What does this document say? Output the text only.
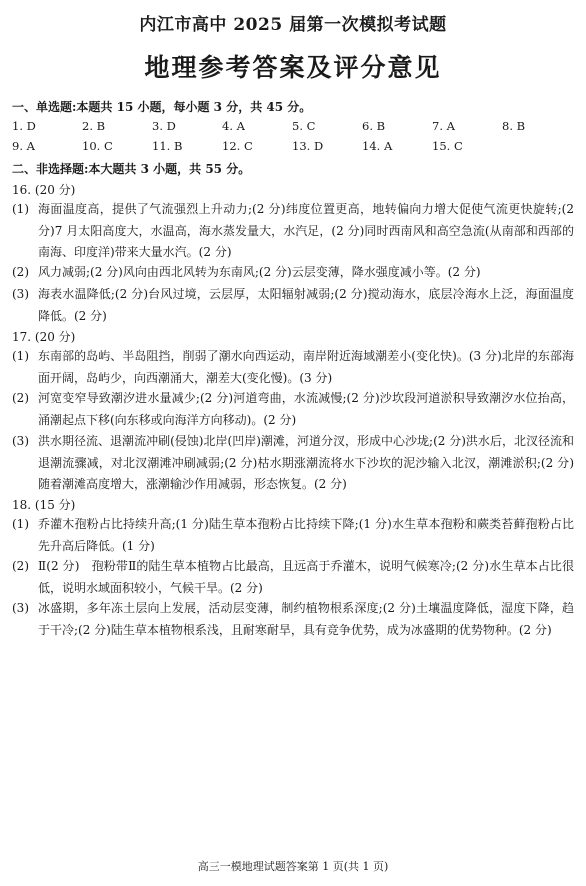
内江市高中 2025 届第一次模拟考试题
地理参考答案及评分意见
一、单选题:本题共 15 小题，每小题 3 分，共 45 分。
1. D	2. B	3. D	4. A	5. C	6. B	7. A	8. B
9. A	10. C	11. B	12. C	13. D	14. A	15. C
二、非选择题:本大题共 3 小题，共 55 分。
16. (20 分)
(1) 海面温度高，提供了气流强烈上升动力;(2 分)纬度位置更高，地转偏向力增大促使气流更快旋转;(2 分)7 月太阳高度大，水温高，海水蒸发量大，水汽足，(2 分)同时西南风和高空急流(从南部和西部的南海、印度洋)带来大量水汽。(2 分)
(2) 风力减弱;(2 分)风向由西北风转为东南风;(2 分)云层变薄，降水强度减小等。(2 分)
(3) 海表水温降低;(2 分)台风过境，云层厚，太阳辐射减弱;(2 分)搅动海水，底层冷海水上泛，海面温度降低。(2 分)
17. (20 分)
(1) 东南部的岛屿、半岛阻挡，削弱了潮水向西运动，南岸附近海域潮差小(变化快)。(3 分)北岸的东部海面开阔，岛屿少，向西潮涌大，潮差大(变化慢)。(3 分)
(2) 河宽变窄导致潮汐进水量减少;(2 分)河道弯曲，水流减慢;(2 分)沙坎段河道淤积导致潮汐水位抬高，涌潮起点下移(向东移或向海洋方向移动)。(2 分)
(3) 洪水期径流、退潮流冲刷(侵蚀)北岸(凹岸)潮滩，河道分汊，形成中心沙垅;(2 分)洪水后，北汊径流和退潮流骤减，对北汊潮滩冲刷减弱;(2 分)枯水期涨潮流将水下沙坎的泥沙输入北汊，潮滩淤积;(2 分)随着潮滩高度增大，涨潮输沙作用减弱，形态恢复。(2 分)
18. (15 分)
(1) 乔灌木孢粉占比持续升高;(1 分)陆生草本孢粉占比持续下降;(1 分)水生草本孢粉和蕨类苔藓孢粉占比先升高后降低。(1 分)
(2) Ⅱ(2 分)　孢粉带Ⅱ的陆生草本植物占比最高，且远高于乔灌木，说明气候寒冷;(2 分)水生草本占比很低，说明水域面积较小，气候干旱。(2 分)
(3) 冰盛期，多年冻土层向上发展，活动层变薄，制约植物根系深度;(2 分)土壤温度降低，湿度下降，趋于干冷;(2 分)陆生草本植物根系浅，且耐寒耐旱，具有竞争优势，成为冰盛期的优势物种。(2 分)
高三一模地理试题答案第 1 页(共 1 页)
